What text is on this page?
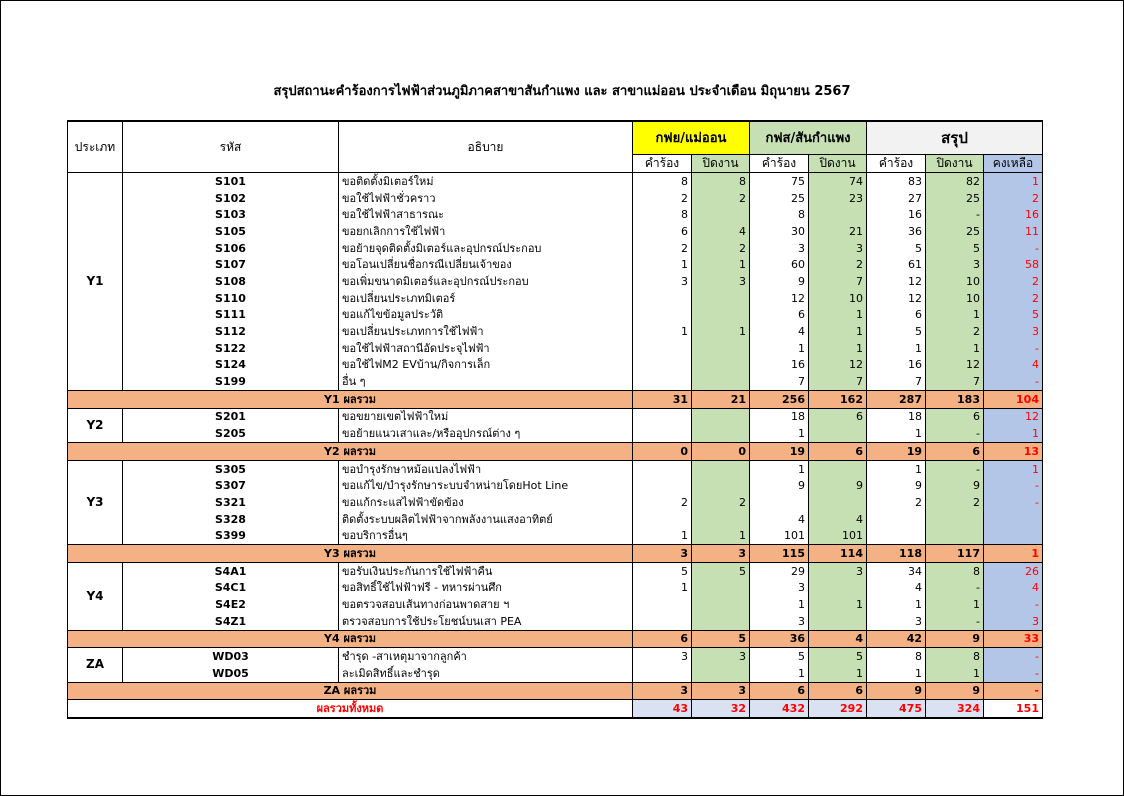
สรุปสถานะคำร้องการไฟฟ้าส่วนภูมิภาคสาขาสันกำแพง และ สาขาแม่ออน ประจำเดือน มิถุนายน 2567
ประเภท	รหัส	อธิบาย	กฟย/แม่ออน		กฟส/สันกำแพง		สรุป		
			คำร้อง	ปิดงาน	คำร้อง	ปิดงาน	คำร้อง	ปิดงาน	คงเหลือ
Y1	S101	ขอติดตั้งมิเตอร์ใหม่	8	8	75	74	83	82	1
	S102	ขอใช้ไฟฟ้าชั่วคราว	2	2	25	23	27	25	2
	S103	ขอใช้ไฟฟ้าสาธารณะ	8		8		16	-	16
	S105	ขอยกเลิกการใช้ไฟฟ้า	6	4	30	21	36	25	11
	S106	ขอย้ายจุดติดตั้งมิเตอร์และอุปกรณ์ประกอบ	2	2	3	3	5	5	-
	S107	ขอโอนเปลี่ยนชื่อกรณีเปลี่ยนเจ้าของ	1	1	60	2	61	3	58
	S108	ขอเพิ่มขนาดมิเตอร์และอุปกรณ์ประกอบ	3	3	9	7	12	10	2
	S110	ขอเปลี่ยนประเภทมิเตอร์			12	10	12	10	2
	S111	ขอแก้ไขข้อมูลประวัติ			6	1	6	1	5
	S112	ขอเปลี่ยนประเภทการใช้ไฟฟ้า	1	1	4	1	5	2	3
	S122	ขอใช้ไฟฟ้าสถานีอัดประจุไฟฟ้า			1	1	1	1	-
	S124	ขอใช้ไฟM2 EVบ้าน/กิจการเล็ก			16	12	16	12	4
	S199	อื่น ๆ			7	7	7	7	-
Y1 ผลรวม			31	21	256	162	287	183	104
Y2	S201	ขอขยายเขตไฟฟ้าใหม่			18	6	18	6	12
	S205	ขอย้ายแนวเสาและ/หรืออุปกรณ์ต่าง ๆ			1		1	-	1
Y2 ผลรวม			0	0	19	6	19	6	13
Y3	S305	ขอบำรุงรักษาหม้อแปลงไฟฟ้า			1		1	-	1
	S307	ขอแก้ไข/บำรุงรักษาระบบจำหน่ายโดยHot Line			9	9	9	9	-
	S321	ขอแก้กระแสไฟฟ้าขัดข้อง	2	2			2	2	-
	S328	ติดตั้งระบบผลิตไฟฟ้าจากพลังงานแสงอาทิตย์			4	4			
	S399	ขอบริการอื่นๆ	1	1	101	101			
Y3 ผลรวม			3	3	115	114	118	117	1
Y4	S4A1	ขอรับเงินประกันการใช้ไฟฟ้าคืน	5	5	29	3	34	8	26
	S4C1	ขอสิทธิ์ใช้ไฟฟ้าฟรี - ทหารผ่านศึก	1		3		4	-	4
	S4E2	ขอตรวจสอบเส้นทางก่อนพาดสาย ฯ			1	1	1	1	-
	S4Z1	ตรวจสอบการใช้ประโยชน์บนเสา PEA			3		3	-	3
Y4 ผลรวม			6	5	36	4	42	9	33
ZA	WD03	ชำรุด -สาเหตุมาจากลูกค้า	3	3	5	5	8	8	-
	WD05	ละเมิดสิทธิ์และชำรุด			1	1	1	1	-
ZA ผลรวม			3	3	6	6	9	9	-
ผลรวมทั้งหมด			43	32	432	292	475	324	151
